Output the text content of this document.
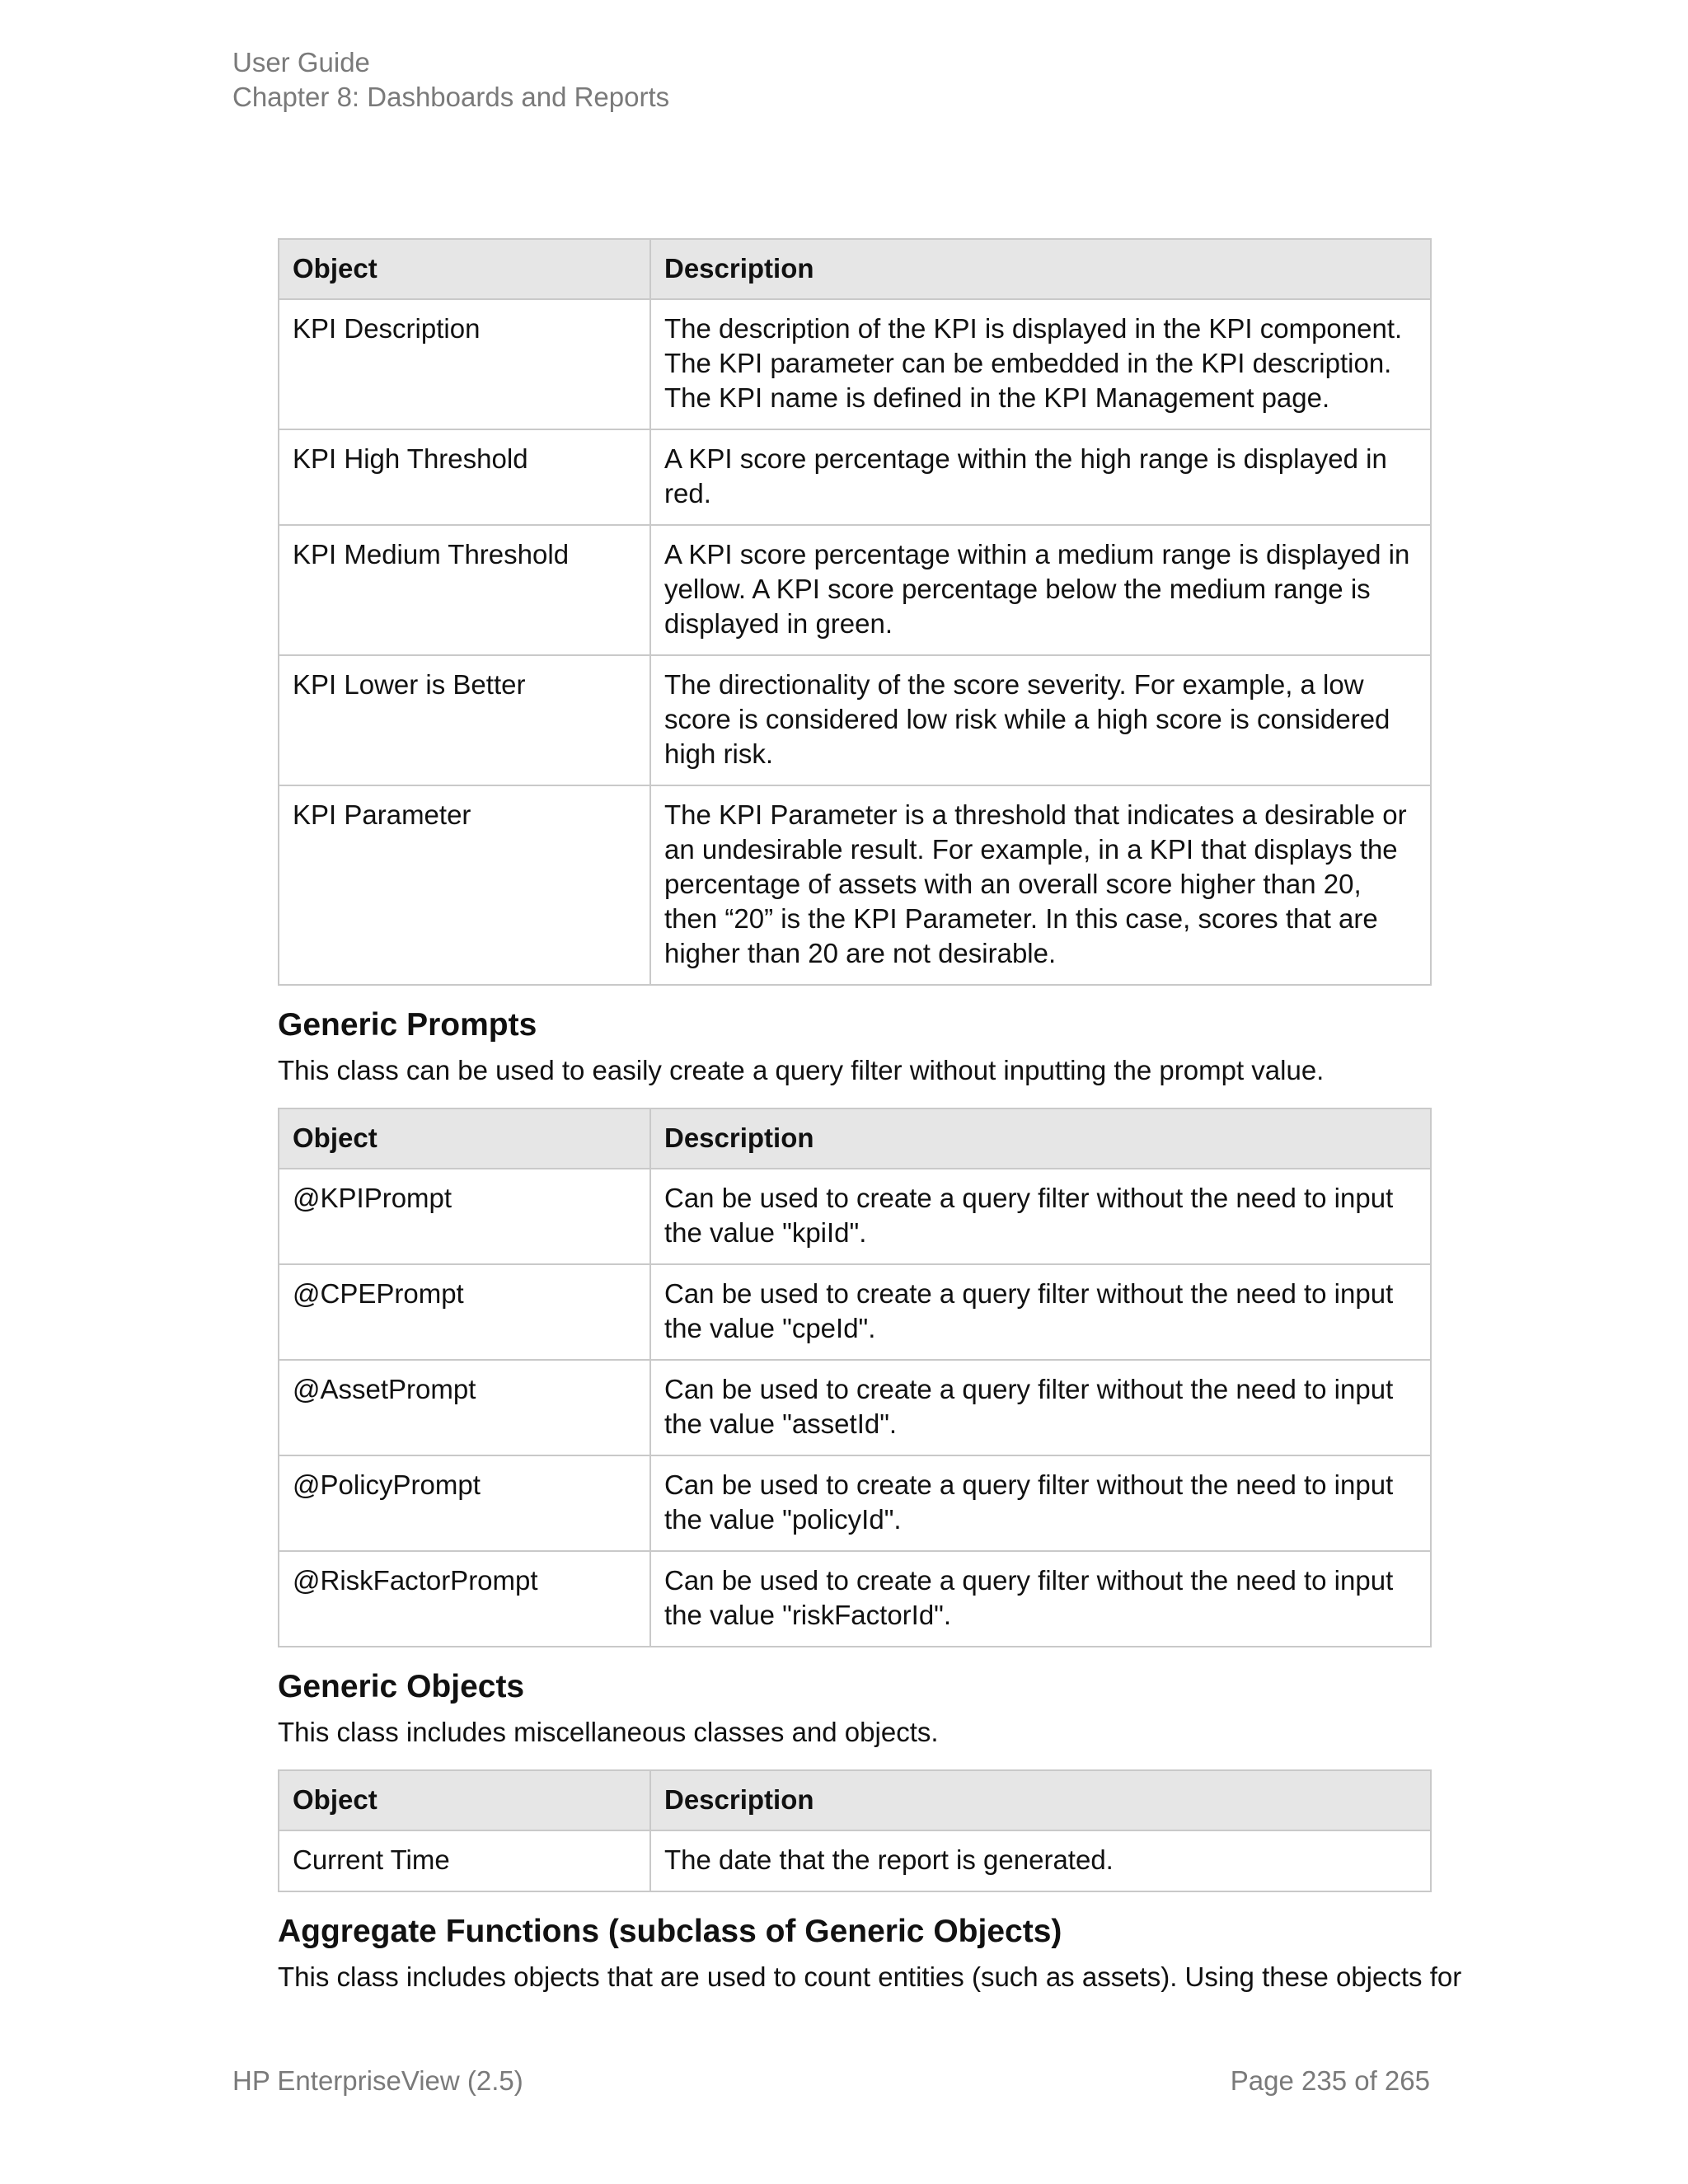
User Guide
Chapter 8: Dashboards and Reports
Object	Description
KPI Description	The description of the KPI is displayed in the KPI component. The KPI parameter can be embedded in the KPI description. The KPI name is defined in the KPI Management page.
KPI High Threshold	A KPI score percentage within the high range is displayed in red.
KPI Medium Threshold	A KPI score percentage within a medium range is displayed in yellow. A KPI score percentage below the medium range is displayed in green.
KPI Lower is Better	The directionality of the score severity. For example, a low score is considered low risk while a high score is considered high risk.
KPI Parameter	The KPI Parameter is a threshold that indicates a desirable or an undesirable result. For example, in a KPI that displays the percentage of assets with an overall score higher than 20, then “20” is the KPI Parameter. In this case, scores that are higher than 20 are not desirable.
Generic Prompts

This class can be used to easily create a query filter without inputting the prompt value.

Object	Description
@KPIPrompt	Can be used to create a query filter without the need to input the value "kpiId".
@CPEPrompt	Can be used to create a query filter without the need to input the value "cpeId".
@AssetPrompt	Can be used to create a query filter without the need to input the value "assetId".
@PolicyPrompt	Can be used to create a query filter without the need to input the value "policyId".
@RiskFactorPrompt	Can be used to create a query filter without the need to input the value "riskFactorId".
Generic Objects

This class includes miscellaneous classes and objects.

Object	Description
Current Time	The date that the report is generated.
Aggregate Functions (subclass of Generic Objects)

This class includes objects that are used to count entities (such as assets). Using these objects for

HP EnterpriseView (2.5)	Page 235 of 265
